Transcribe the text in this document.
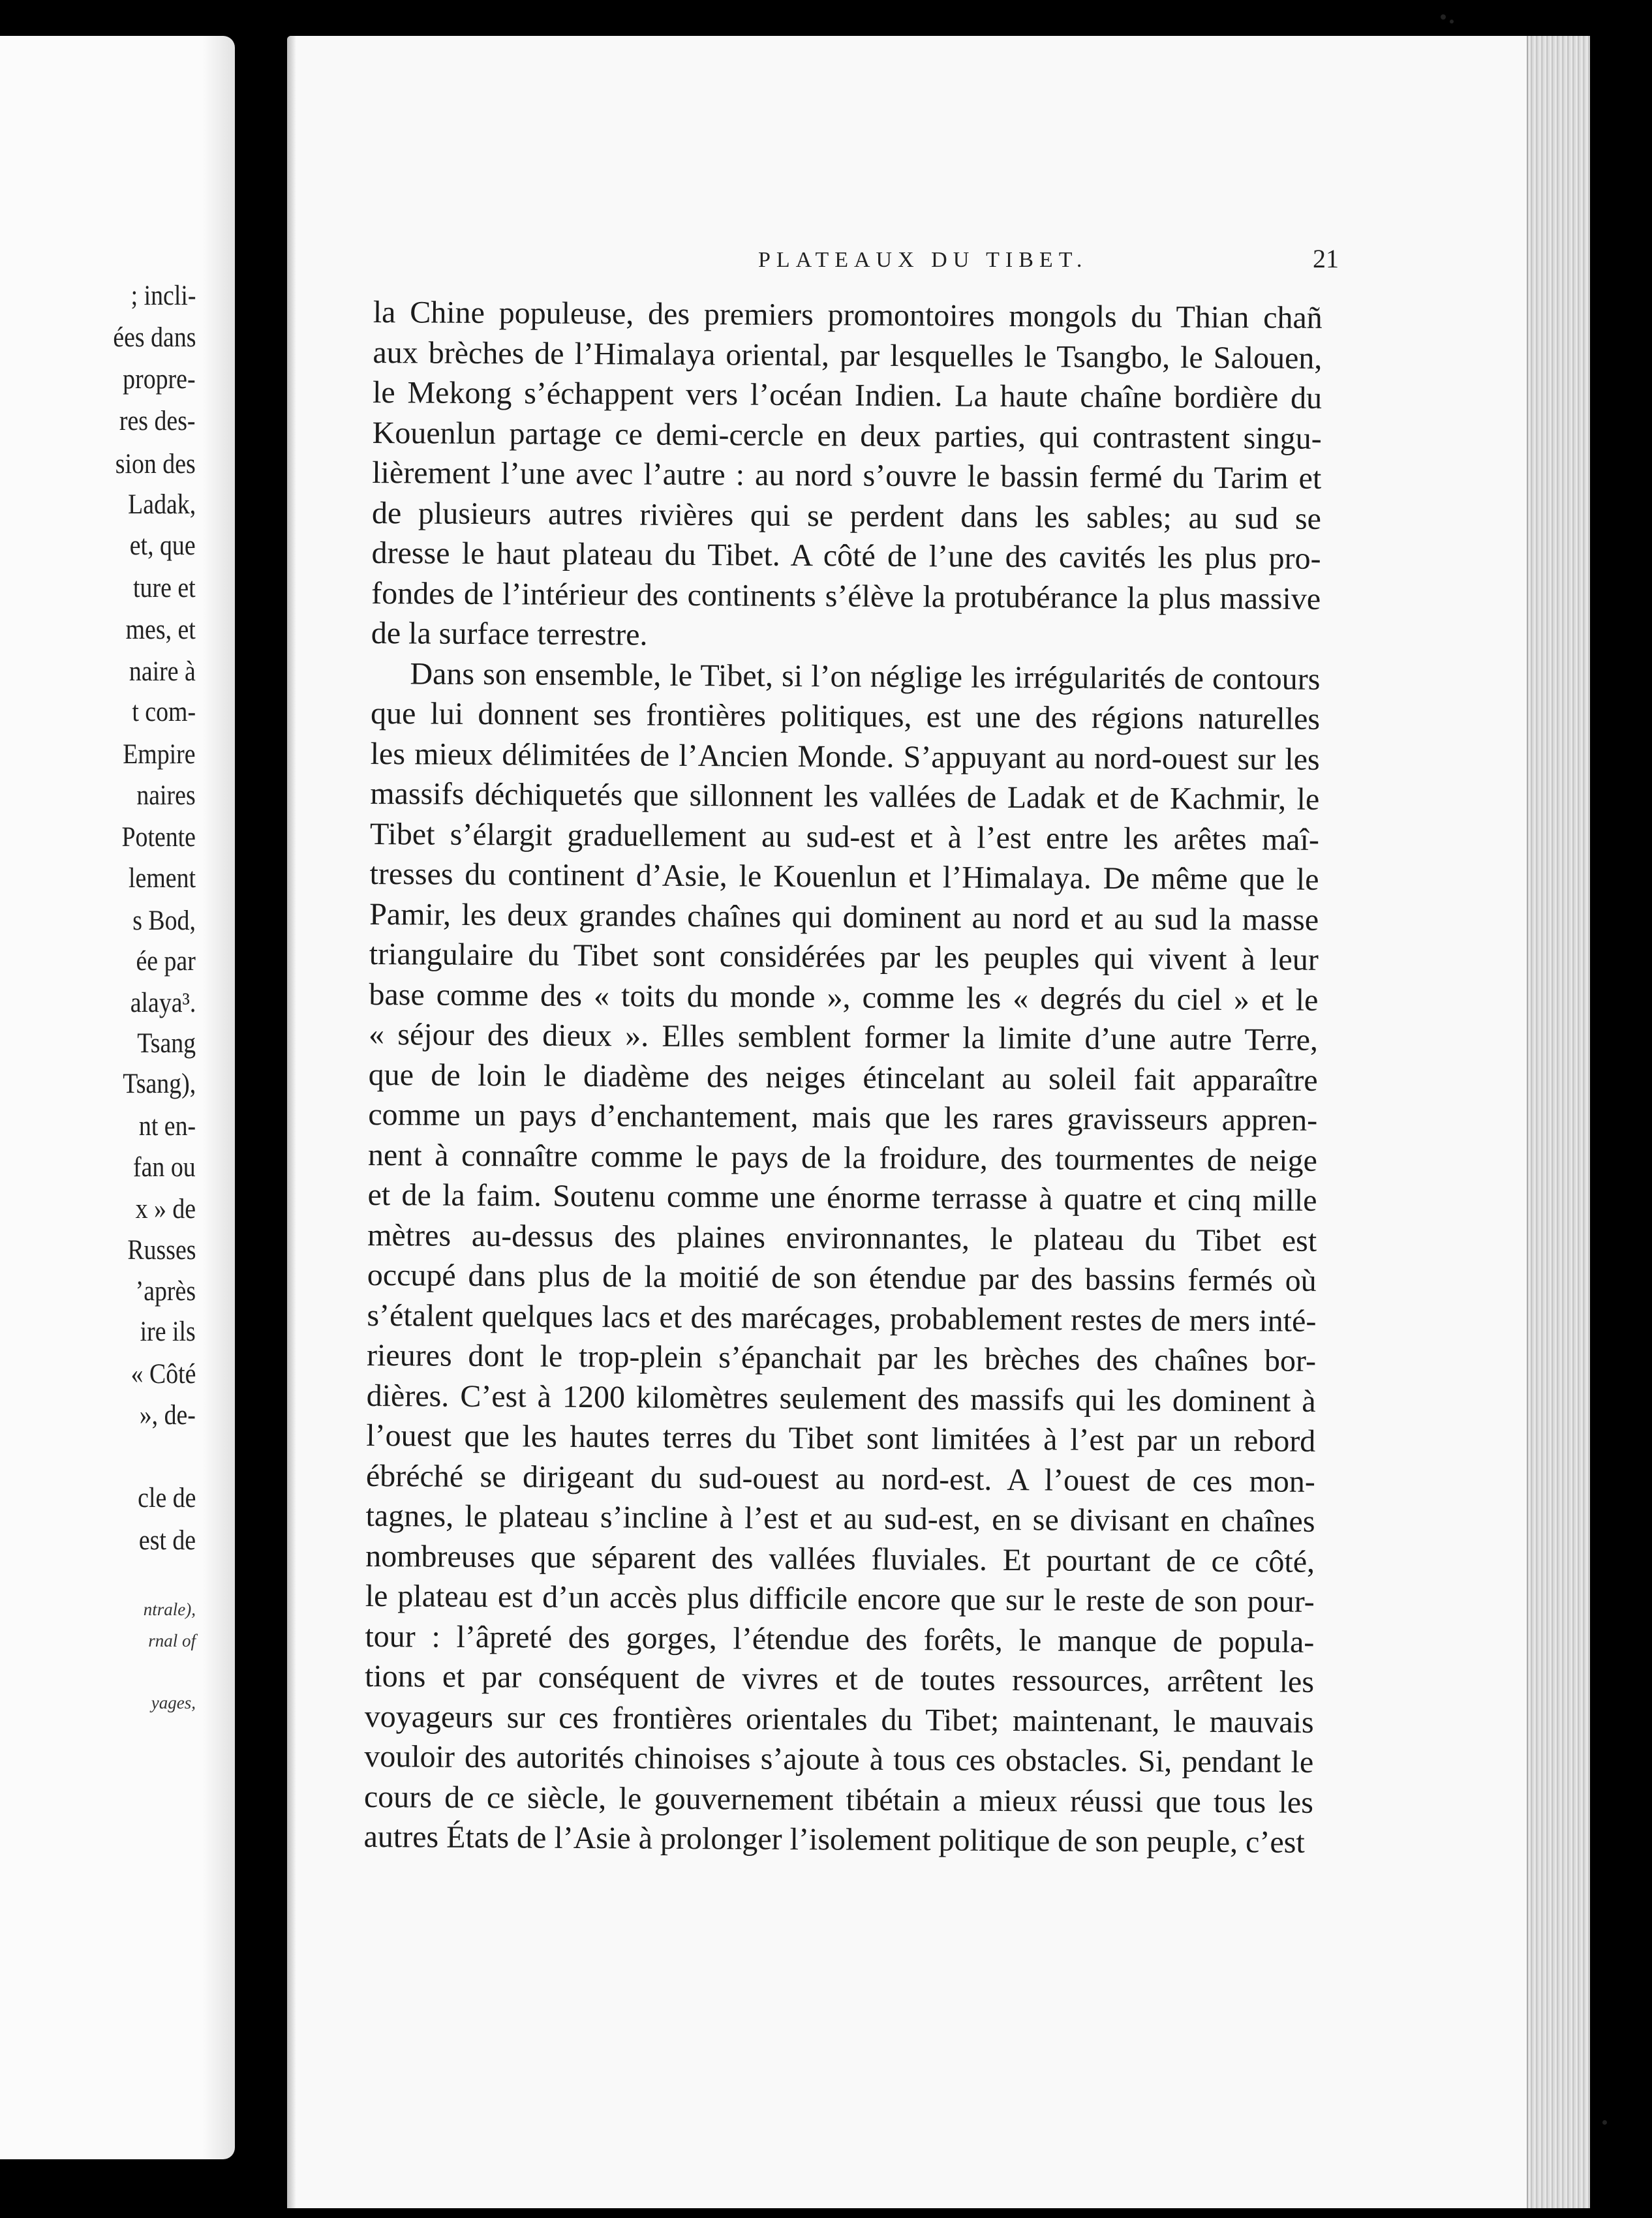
; incli-
ées dans
propre-
res des-
sion des
Ladak,
et, que
ture et
mes, et
naire à
t com-
Empire
naires
Potente
lement
s Bod,
ée par
alaya³.
Tsang
Tsang),
nt en-
fan ou
x » de
Russes
’après
ire ils
« Côté
», de-
cle de
est de
ntrale),
rnal of
yages,
PLATEAUX DU TIBET.	21
la Chine populeuse, des premiers promontoires mongols du Thian chañ
aux brèches de l’Himalaya oriental, par lesquelles le Tsangbo, le Salouen,
le Mekong s’échappent vers l’océan Indien. La haute chaîne bordière du
Kouenlun partage ce demi-cercle en deux parties, qui contrastent singu-
lièrement l’une avec l’autre : au nord s’ouvre le bassin fermé du Tarim et
de plusieurs autres rivières qui se perdent dans les sables; au sud se
dresse le haut plateau du Tibet. A côté de l’une des cavités les plus pro-
fondes de l’intérieur des continents s’élève la protubérance la plus massive
de la surface terrestre.
Dans son ensemble, le Tibet, si l’on néglige les irrégularités de contours
que lui donnent ses frontières politiques, est une des régions naturelles
les mieux délimitées de l’Ancien Monde. S’appuyant au nord-ouest sur les
massifs déchiquetés que sillonnent les vallées de Ladak et de Kachmir, le
Tibet s’élargit graduellement au sud-est et à l’est entre les arêtes maî-
tresses du continent d’Asie, le Kouenlun et l’Himalaya. De même que le
Pamir, les deux grandes chaînes qui dominent au nord et au sud la masse
triangulaire du Tibet sont considérées par les peuples qui vivent à leur
base comme des « toits du monde », comme les « degrés du ciel » et le
« séjour des dieux ». Elles semblent former la limite d’une autre Terre,
que de loin le diadème des neiges étincelant au soleil fait apparaître
comme un pays d’enchantement, mais que les rares gravisseurs appren-
nent à connaître comme le pays de la froidure, des tourmentes de neige
et de la faim. Soutenu comme une énorme terrasse à quatre et cinq mille
mètres au-dessus des plaines environnantes, le plateau du Tibet est
occupé dans plus de la moitié de son étendue par des bassins fermés où
s’étalent quelques lacs et des marécages, probablement restes de mers inté-
rieures dont le trop-plein s’épanchait par les brèches des chaînes bor-
dières. C’est à 1200 kilomètres seulement des massifs qui les dominent à
l’ouest que les hautes terres du Tibet sont limitées à l’est par un rebord
ébréché se dirigeant du sud-ouest au nord-est. A l’ouest de ces mon-
tagnes, le plateau s’incline à l’est et au sud-est, en se divisant en chaînes
nombreuses que séparent des vallées fluviales. Et pourtant de ce côté,
le plateau est d’un accès plus difficile encore que sur le reste de son pour-
tour : l’âpreté des gorges, l’étendue des forêts, le manque de popula-
tions et par conséquent de vivres et de toutes ressources, arrêtent les
voyageurs sur ces frontières orientales du Tibet; maintenant, le mauvais
vouloir des autorités chinoises s’ajoute à tous ces obstacles. Si, pendant le
cours de ce siècle, le gouvernement tibétain a mieux réussi que tous les
autres États de l’Asie à prolonger l’isolement politique de son peuple, c’est
